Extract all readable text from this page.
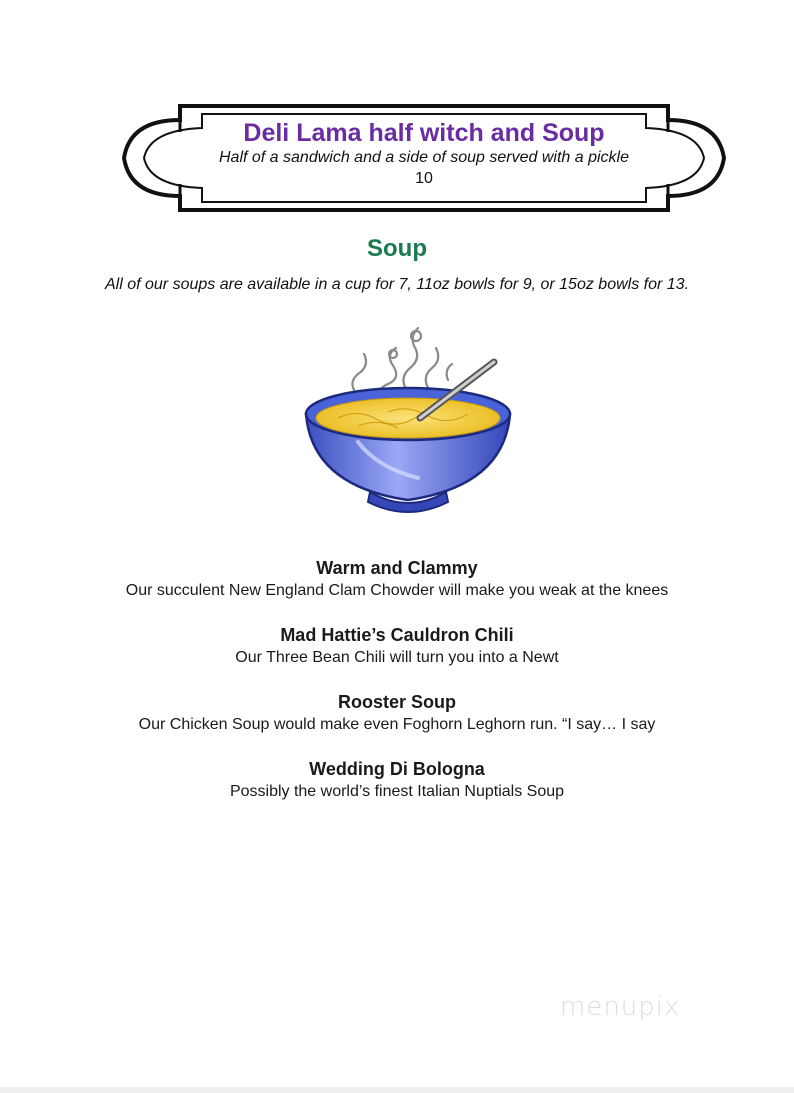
Deli Lama half witch and Soup
Half of a sandwich and a side of soup served with a pickle
10
Soup
All of our soups are available in a cup for 7, 11oz bowls for 9, or 15oz bowls for 13.
Warm and Clammy
Our succulent New England Clam Chowder will make you weak at the knees
Mad Hattie’s Cauldron Chili
Our Three Bean Chili will turn you into a Newt
Rooster Soup
Our Chicken Soup would make even Foghorn Leghorn run. “I say… I say
Wedding Di Bologna
Possibly the world’s finest Italian Nuptials Soup
menupix
